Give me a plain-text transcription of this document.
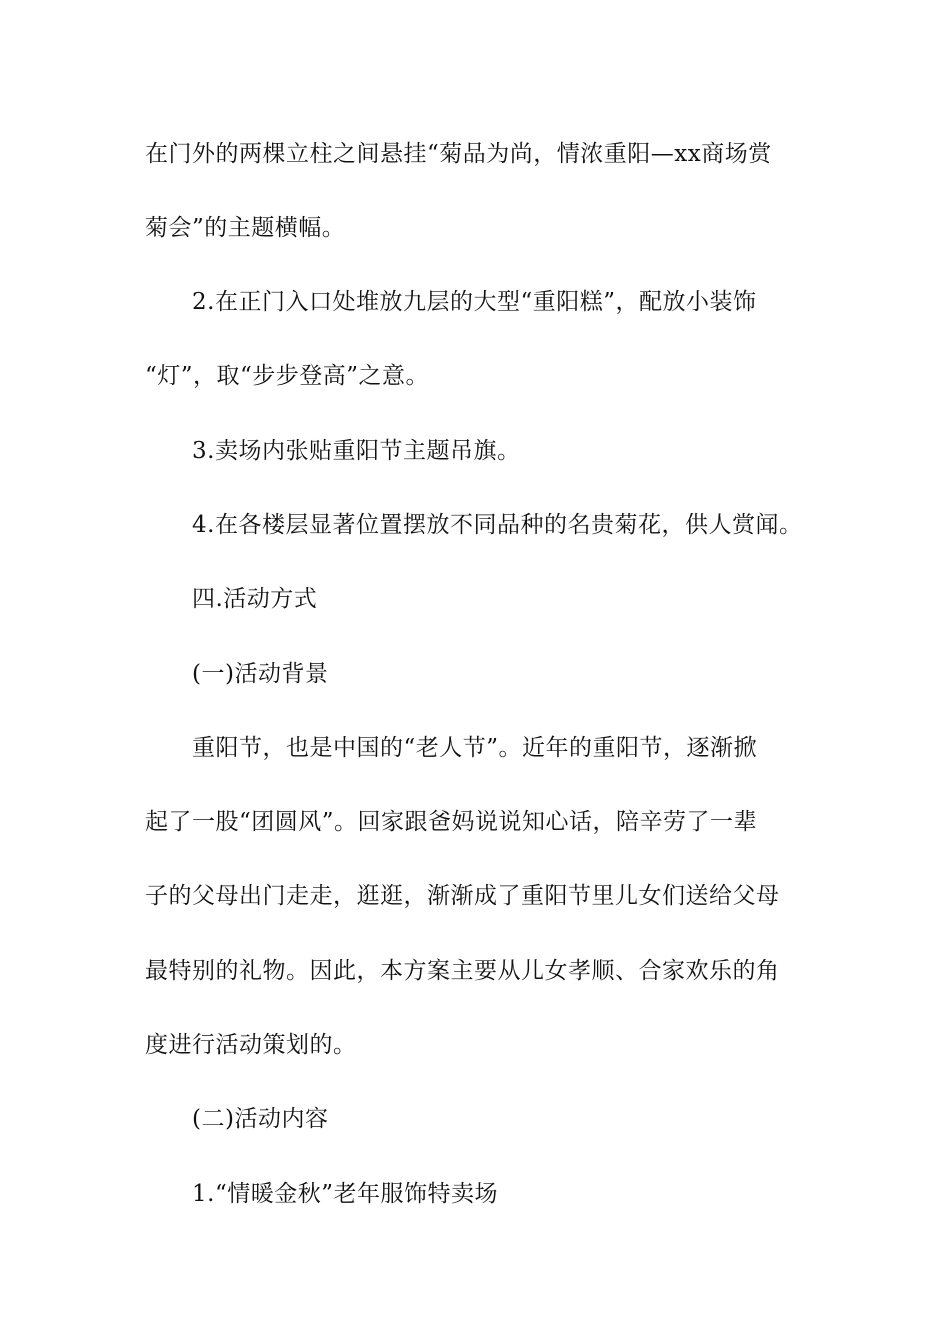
在门外的两棵立柱之间悬挂“菊品为尚，情浓重阳—xx商场赏
菊会”的主题横幅。
2.在正门入口处堆放九层的大型“重阳糕”，配放小装饰
“灯”，取“步步登高”之意。
3.卖场内张贴重阳节主题吊旗。
4.在各楼层显著位置摆放不同品种的名贵菊花，供人赏闻。
四.活动方式
(一)活动背景
重阳节，也是中国的“老人节”。近年的重阳节，逐渐掀
起了一股“团圆风”。回家跟爸妈说说知心话，陪辛劳了一辈
子的父母出门走走，逛逛，渐渐成了重阳节里儿女们送给父母
最特别的礼物。因此，本方案主要从儿女孝顺、合家欢乐的角
度进行活动策划的。
(二)活动内容
1.“情暖金秋”老年服饰特卖场
